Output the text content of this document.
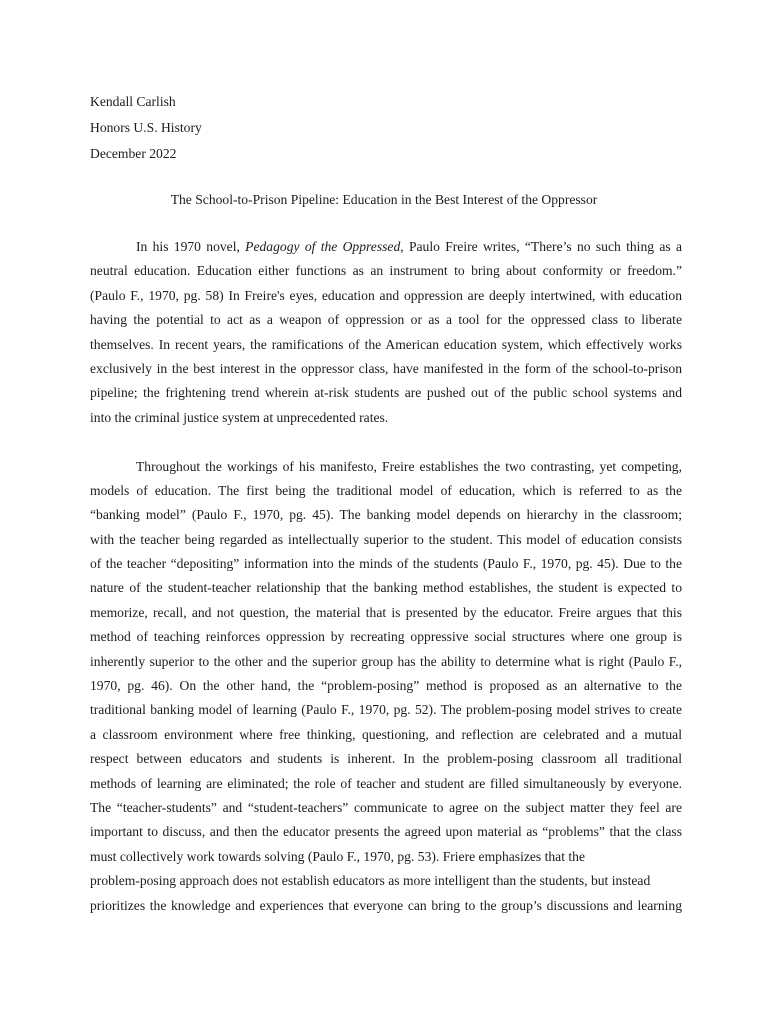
Kendall Carlish
Honors U.S. History
December 2022
The School-to-Prison Pipeline: Education in the Best Interest of the Oppressor
In his 1970 novel, Pedagogy of the Oppressed, Paulo Freire writes, “There’s no such thing as a
neutral education. Education either functions as an instrument to bring about conformity or freedom.”
(Paulo F., 1970, pg. 58) In Freire's eyes, education and oppression are deeply intertwined, with education
having the potential to act as a weapon of oppression or as a tool for the oppressed class to liberate
themselves. In recent years, the ramifications of the American education system, which effectively works
exclusively in the best interest in the oppressor class, have manifested in the form of the school-to-prison
pipeline; the frightening trend wherein at-risk students are pushed out of the public school systems and
into the criminal justice system at unprecedented rates.
Throughout the workings of his manifesto, Freire establishes the two contrasting, yet competing,
models of education. The first being the traditional model of education, which is referred to as the
“banking model” (Paulo F., 1970, pg. 45). The banking model depends on hierarchy in the classroom;
with the teacher being regarded as intellectually superior to the student. This model of education consists
of the teacher “depositing” information into the minds of the students (Paulo F., 1970, pg. 45). Due to the
nature of the student-teacher relationship that the banking method establishes, the student is expected to
memorize, recall, and not question, the material that is presented by the educator. Freire argues that this
method of teaching reinforces oppression by recreating oppressive social structures where one group is
inherently superior to the other and the superior group has the ability to determine what is right (Paulo F.,
1970, pg. 46). On the other hand, the “problem-posing” method is proposed as an alternative to the
traditional banking model of learning (Paulo F., 1970, pg. 52). The problem-posing model strives to create
a classroom environment where free thinking, questioning, and reflection are celebrated and a mutual
respect between educators and students is inherent. In the problem-posing classroom all traditional
methods of learning are eliminated; the role of teacher and student are filled simultaneously by everyone.
The “teacher-students” and “student-teachers” communicate to agree on the subject matter they feel are
important to discuss, and then the educator presents the agreed upon material as “problems” that the class
must collectively work towards solving (Paulo F., 1970, pg. 53). Friere emphasizes that the
problem-posing approach does not establish educators as more intelligent than the students, but instead
prioritizes the knowledge and experiences that everyone can bring to the group’s discussions and learning
